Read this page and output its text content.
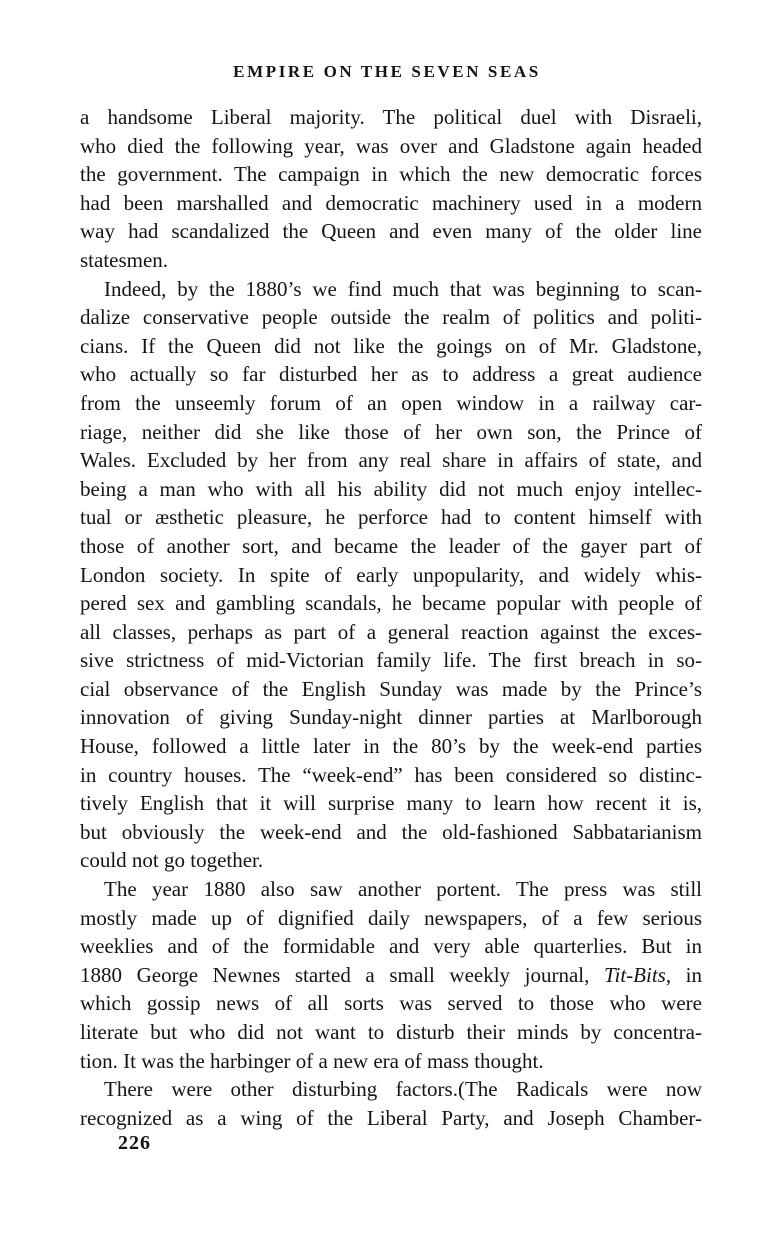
EMPIRE ON THE SEVEN SEAS
a handsome Liberal majority. The political duel with Disraeli,
who died the following year, was over and Gladstone again headed
the government. The campaign in which the new democratic forces
had been marshalled and democratic machinery used in a modern
way had scandalized the Queen and even many of the older line
statesmen.
Indeed, by the 1880’s we find much that was beginning to scan-
dalize conservative people outside the realm of politics and politi-
cians. If the Queen did not like the goings on of Mr. Gladstone,
who actually so far disturbed her as to address a great audience
from the unseemly forum of an open window in a railway car-
riage, neither did she like those of her own son, the Prince of
Wales. Excluded by her from any real share in affairs of state, and
being a man who with all his ability did not much enjoy intellec-
tual or æsthetic pleasure, he perforce had to content himself with
those of another sort, and became the leader of the gayer part of
London society. In spite of early unpopularity, and widely whis-
pered sex and gambling scandals, he became popular with people of
all classes, perhaps as part of a general reaction against the exces-
sive strictness of mid-Victorian family life. The first breach in so-
cial observance of the English Sunday was made by the Prince’s
innovation of giving Sunday-night dinner parties at Marlborough
House, followed a little later in the 80’s by the week-end parties
in country houses. The “week-end” has been considered so distinc-
tively English that it will surprise many to learn how recent it is,
but obviously the week-end and the old-fashioned Sabbatarianism
could not go together.
The year 1880 also saw another portent. The press was still
mostly made up of dignified daily newspapers, of a few serious
weeklies and of the formidable and very able quarterlies. But in
1880 George Newnes started a small weekly journal, Tit-Bits, in
which gossip news of all sorts was served to those who were
literate but who did not want to disturb their minds by concentra-
tion. It was the harbinger of a new era of mass thought.
There were other disturbing factors.(The Radicals were now
recognized as a wing of the Liberal Party, and Joseph Chamber-
226
